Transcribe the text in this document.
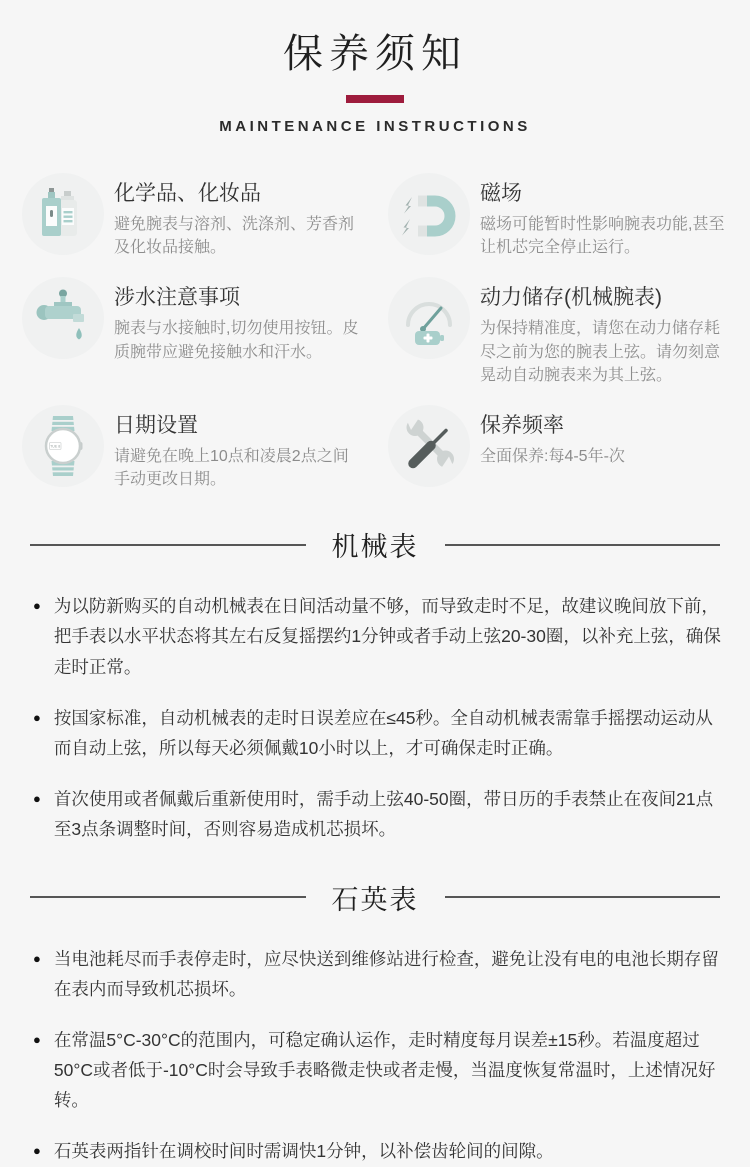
保养须知
MAINTENANCE INSTRUCTIONS
化学品、化妆品
避免腕表与溶剂、洗涤剂、芳香剂及化妆品接触。
磁场
磁场可能暂时性影响腕表功能,甚至让机芯完全停止运行。
涉水注意事项
腕表与水接触时,切勿使用按钮。皮质腕带应避免接触水和汗水。
动力储存(机械腕表)
为保持精准度，请您在动力储存耗尽之前为您的腕表上弦。请勿刻意晃动自动腕表来为其上弦。
TUE 8
日期设置
请避免在晚上10点和凌晨2点之间手动更改日期。
保养频率
全面保养:每4-5年-次
机械表
● 为以防新购买的自动机械表在日间活动量不够，而导致走时不足，故建议晚间放下前，把手表以水平状态将其左右反复摇摆约1分钟或者手动上弦20-30圈，以补充上弦，确保走时正常。
● 按国家标准，自动机械表的走时日误差应在≤45秒。全自动机械表需靠手摇摆动运动从而自动上弦，所以每天必须佩戴10小时以上，才可确保走时正确。
● 首次使用或者佩戴后重新使用时，需手动上弦40-50圈，带日历的手表禁止在夜间21点至3点条调整时间，否则容易造成机芯损坏。
石英表
● 当电池耗尽而手表停走时，应尽快送到维修站进行检查，避免让没有电的电池长期存留在表内而导致机芯损坏。
● 在常温5°C-30°C的范围内，可稳定确认运作，走时精度每月误差±15秒。若温度超过50°C或者低于-10°C时会导致手表略微走快或者走慢，当温度恢复常温时，上述情况好转。
● 石英表两指针在调校时间时需调快1分钟，以补偿齿轮间的间隙。
